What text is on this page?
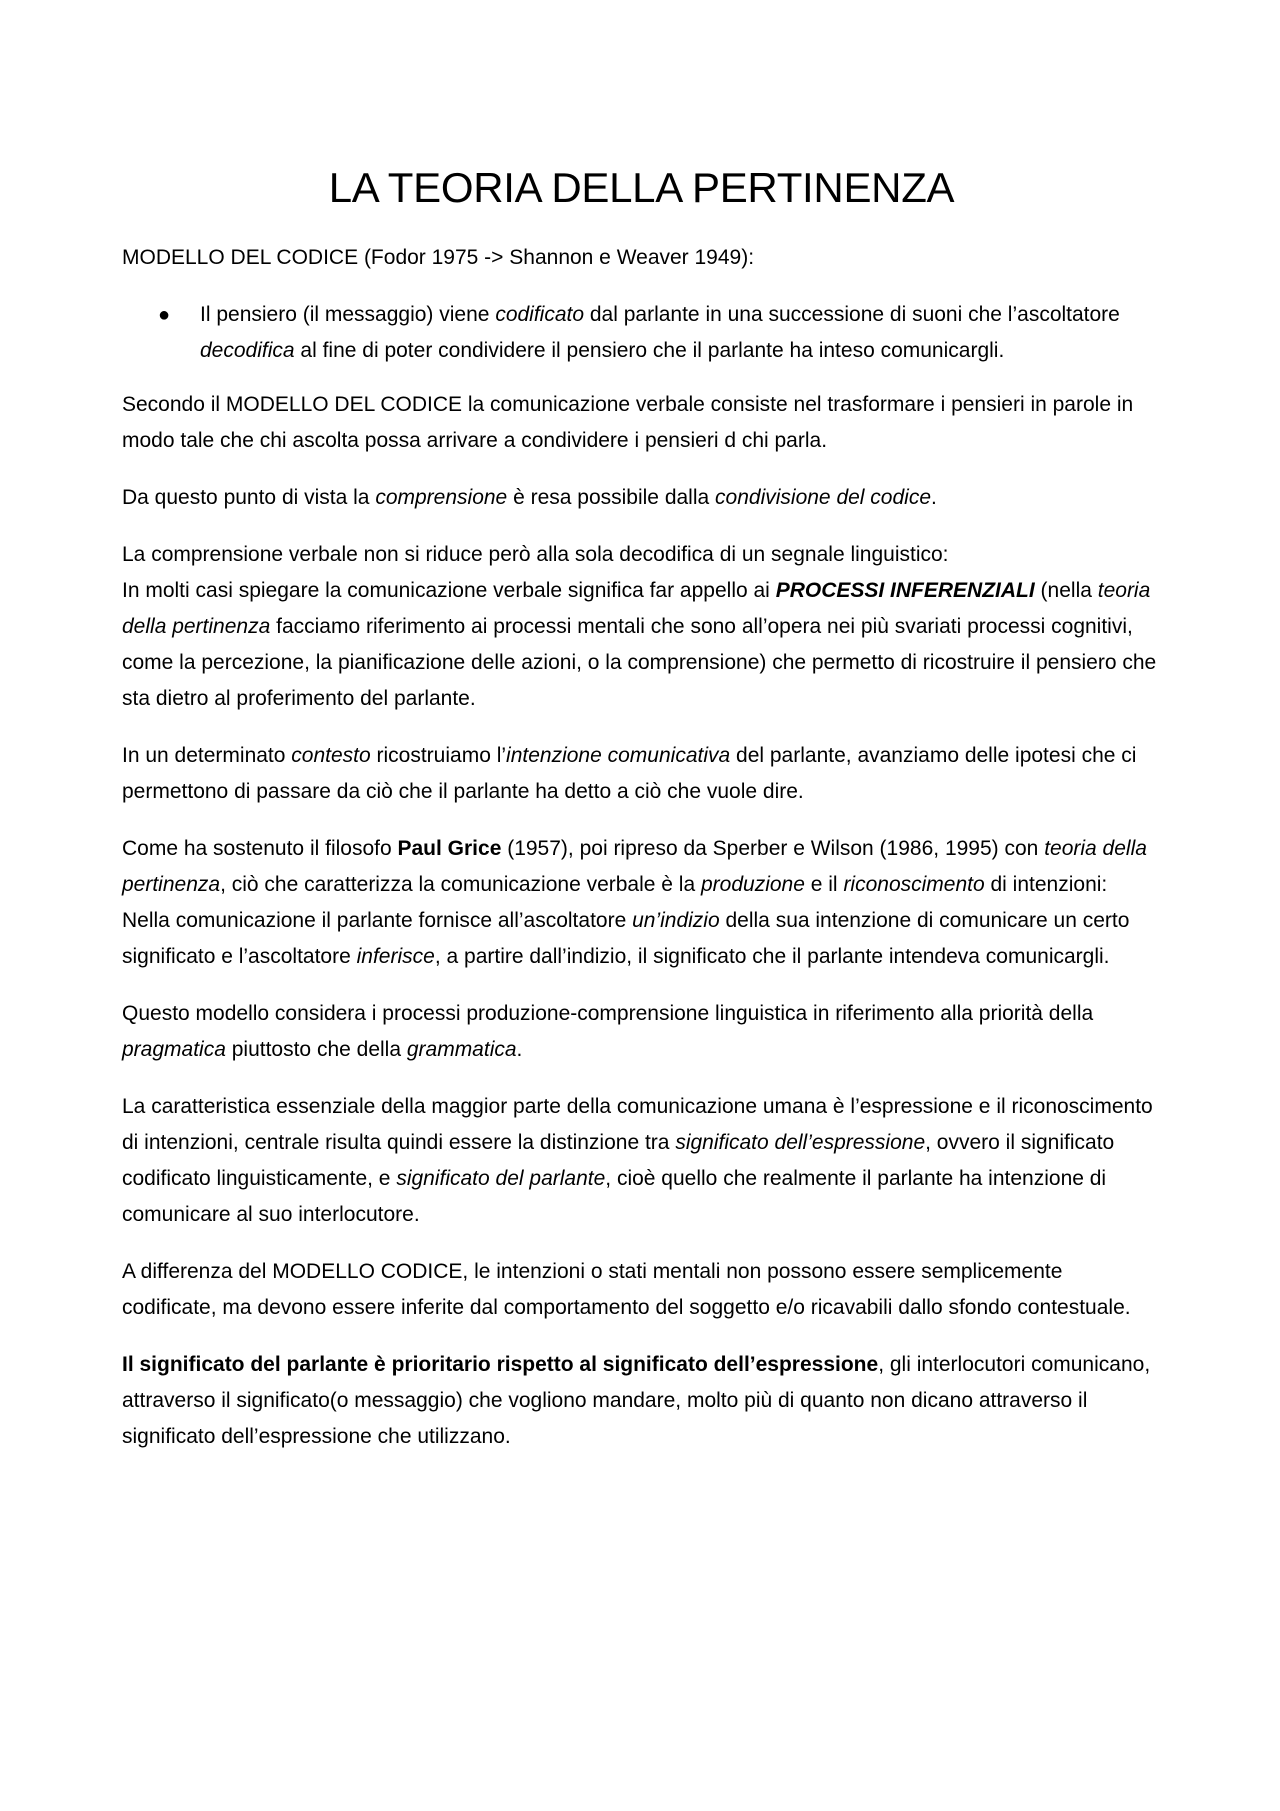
LA TEORIA DELLA PERTINENZA

MODELLO DEL CODICE (Fodor 1975 -> Shannon e Weaver 1949):

● Il pensiero (il messaggio) viene codificato dal parlante in una successione di suoni che l’ascoltatore decodifica al fine di poter condividere il pensiero che il parlante ha inteso comunicargli.

Secondo il MODELLO DEL CODICE la comunicazione verbale consiste nel trasformare i pensieri in parole in modo tale che chi ascolta possa arrivare a condividere i pensieri d chi parla.

Da questo punto di vista la comprensione è resa possibile dalla condivisione del codice.

La comprensione verbale non si riduce però alla sola decodifica di un segnale linguistico:
In molti casi spiegare la comunicazione verbale significa far appello ai PROCESSI INFERENZIALI (nella teoria della pertinenza facciamo riferimento ai processi mentali che sono all’opera nei più svariati processi cognitivi, come la percezione, la pianificazione delle azioni, o la comprensione) che permetto di ricostruire il pensiero che sta dietro al proferimento del parlante.

In un determinato contesto ricostruiamo l’intenzione comunicativa del parlante, avanziamo delle ipotesi che ci permettono di passare da ciò che il parlante ha detto a ciò che vuole dire.

Come ha sostenuto il filosofo Paul Grice (1957), poi ripreso da Sperber e Wilson (1986, 1995) con teoria della pertinenza, ciò che caratterizza la comunicazione verbale è la produzione e il riconoscimento di intenzioni:
Nella comunicazione il parlante fornisce all’ascoltatore un’indizio della sua intenzione di comunicare un certo significato e l’ascoltatore inferisce, a partire dall’indizio, il significato che il parlante intendeva comunicargli.

Questo modello considera i processi produzione-comprensione linguistica in riferimento alla priorità della pragmatica piuttosto che della grammatica.

La caratteristica essenziale della maggior parte della comunicazione umana è l’espressione e il riconoscimento di intenzioni, centrale risulta quindi essere la distinzione tra significato dell’espressione, ovvero il significato codificato linguisticamente, e significato del parlante, cioè quello che realmente il parlante ha intenzione di comunicare al suo interlocutore.

A differenza del MODELLO CODICE, le intenzioni o stati mentali non possono essere semplicemente codificate, ma devono essere inferite dal comportamento del soggetto e/o ricavabili dallo sfondo contestuale.

Il significato del parlante è prioritario rispetto al significato dell’espressione, gli interlocutori comunicano, attraverso il significato(o messaggio) che vogliono mandare, molto più di quanto non dicano attraverso il significato dell’espressione che utilizzano.
